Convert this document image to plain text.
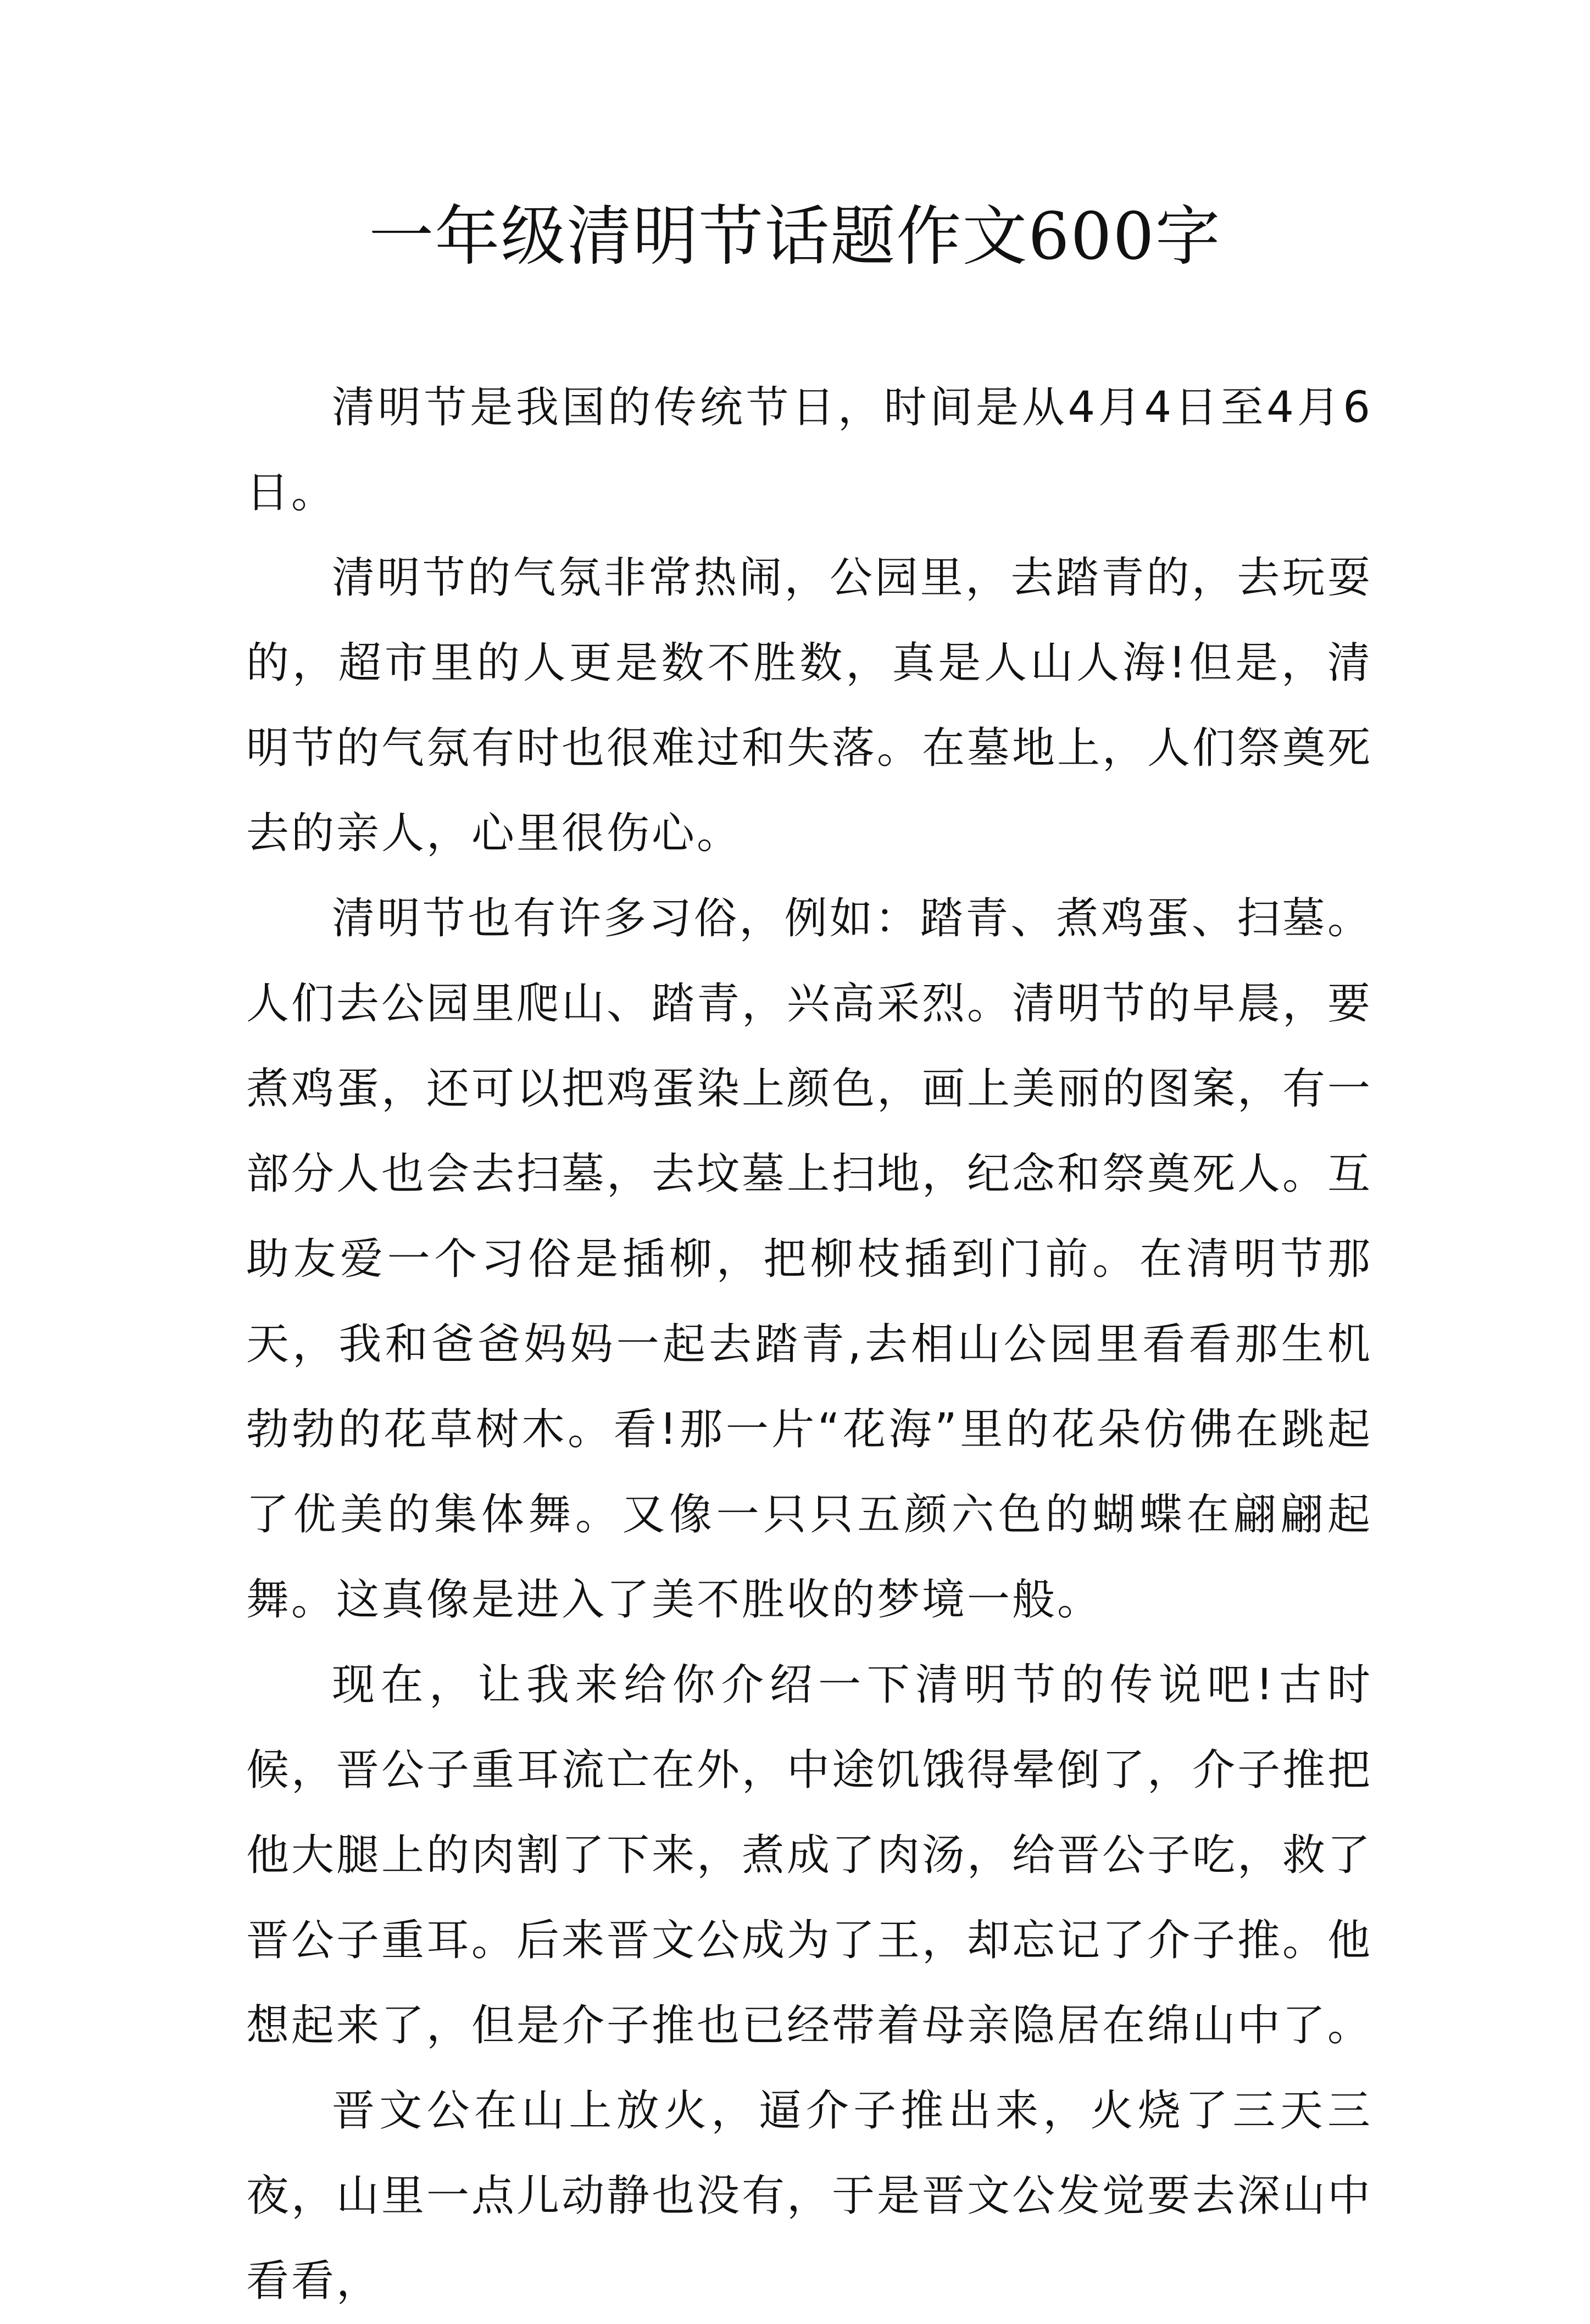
一年级清明节话题作文600字

清明节是我国的传统节日，时间是从4月4日至4月6日。

清明节的气氛非常热闹，公园里，去踏青的，去玩耍的，超市里的人更是数不胜数，真是人山人海!但是，清明节的气氛有时也很难过和失落。在墓地上，人们祭奠死去的亲人，心里很伤心。

清明节也有许多习俗，例如：踏青、煮鸡蛋、扫墓。人们去公园里爬山、踏青，兴高采烈。清明节的早晨，要煮鸡蛋，还可以把鸡蛋染上颜色，画上美丽的图案，有一部分人也会去扫墓，去坟墓上扫地，纪念和祭奠死人。互助友爱一个习俗是插柳，把柳枝插到门前。在清明节那天，我和爸爸妈妈一起去踏青,去相山公园里看看那生机勃勃的花草树木。看!那一片“花海”里的花朵仿佛在跳起了优美的集体舞。又像一只只五颜六色的蝴蝶在翩翩起舞。这真像是进入了美不胜收的梦境一般。

现在，让我来给你介绍一下清明节的传说吧!古时候，晋公子重耳流亡在外，中途饥饿得晕倒了，介子推把他大腿上的肉割了下来，煮成了肉汤，给晋公子吃，救了晋公子重耳。后来晋文公成为了王，却忘记了介子推。他想起来了，但是介子推也已经带着母亲隐居在绵山中了。

晋文公在山上放火，逼介子推出来，火烧了三天三夜，山里一点儿动静也没有，于是晋文公发觉要去深山中看看，
